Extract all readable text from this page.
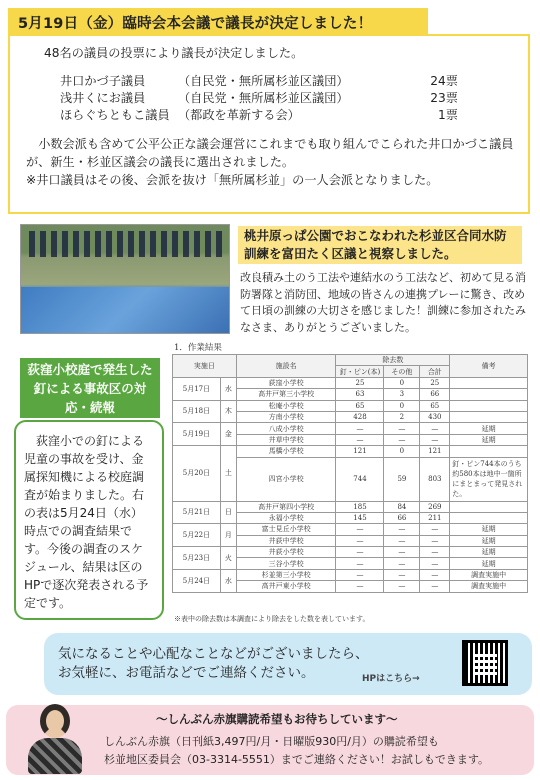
5月19日（金）臨時会本会議で議長が決定しました！
48名の議員の投票により議長が決定しました。
井口かづ子議員	（自民党・無所属杉並区議団）	24票
浅井くにお議員	（自民党・無所属杉並区議団）	23票
ほらぐちともこ議員 （都政を革新する会）	1票

小数会派も含めて公平公正な議会運営にこれまでも取り組んでこられた井口かづこ議員が、新生・杉並区議会の議長に選出されました。

※井口議員はその後、会派を抜け「無所属杉並」の一人会派となりました。
桃井原っぱ公園でおこなわれた杉並区合同水防訓練を富田たく区議と視察しました。
改良積み土のう工法や連結水のう工法など、初めて見る消防署隊と消防団、地域の皆さんの連携プレーに驚き、改めて日頃の訓練の大切さを感じました！訓練に参加されたみなさま、ありがとうございました。
荻窪小校庭で発生した釘による事故区の対応・続報

荻窪小での釘による児童の事故を受け、金属探知機による校庭調査が始まりました。右の表は5月24日（水）時点での調査結果です。今後の調査のスケジュール、結果は区のHPで逐次発表される予定です。

1．作業結果
実施日		施設名	除去数			備考
			釘・ピン(本)	その他	合計	
5月17日	水	荻窪小学校	25	0	25	
		高井戸第三小学校	63	3	66	
5月18日	木	松庵小学校	65	0	65	
		方南小学校	428	2	430	
5月19日	金	八成小学校	—	—	—	延期
		井草中学校	—	—	—	延期
5月20日	土	馬橋小学校	121	0	121	
		四宮小学校	744	59	803	釘・ピン744本のうち約580本は地中一箇所にまとまって発見された。
5月21日	日	高井戸第四小学校	185	84	269	
		永福小学校	145	66	211	
5月22日	月	富士見丘小学校	—	—	—	延期
		井荻中学校	—	—	—	延期
5月23日	火	井荻小学校	—	—	—	延期
		三谷小学校	—	—	—	延期
5月24日	水	杉並第三小学校	—	—	—	調査実施中
		高井戸東小学校	—	—	—	調査実施中
※表中の除去数は本調査により除去をした数を表しています。
気になることや心配なことなどがございましたら、
お気軽に、お電話などでご連絡ください。	HPはこちら→
〜しんぶん赤旗購読希望もお待ちしています〜
しんぶん赤旗（日刊紙3,497円/月・日曜版930円/月）の購読希望も
杉並地区委員会（03-3314-5551）までご連絡ください！お試しもできます。
